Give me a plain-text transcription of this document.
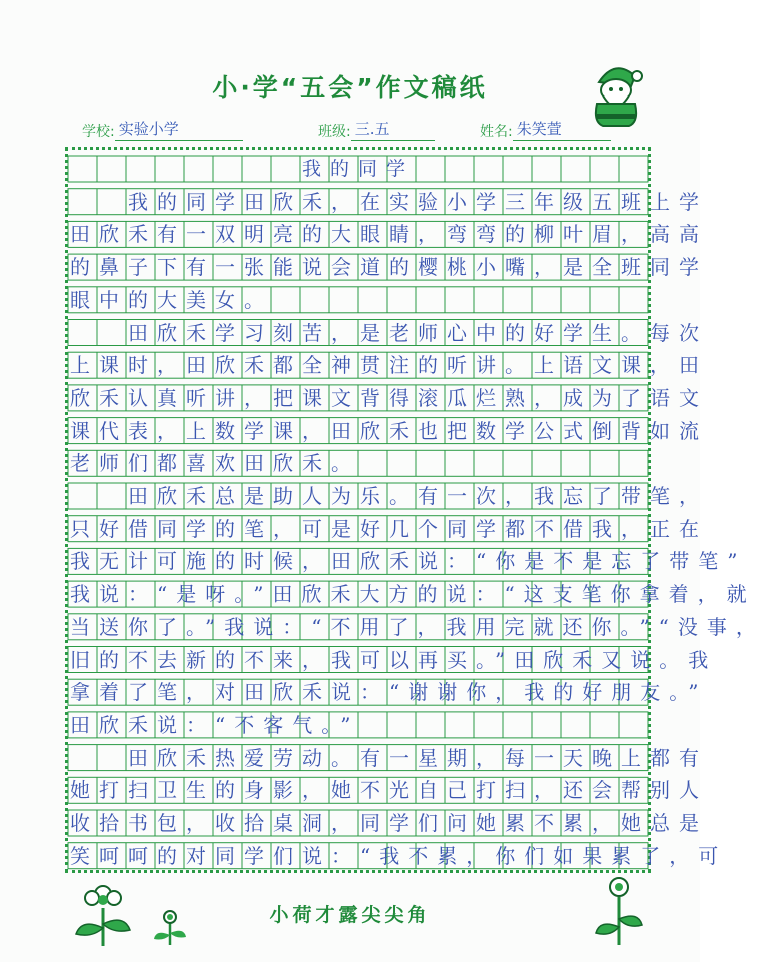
小·学“五会”作文稿纸
学校: 实验小学	班级: 三.五	姓名: 朱笑萱
我的同学
我的同学田欣禾，在实验小学三年级五班上学
田欣禾有一双明亮的大眼睛，弯弯的柳叶眉，高高
的鼻子下有一张能说会道的樱桃小嘴，是全班同学
眼中的大美女。
田欣禾学习刻苦，是老师心中的好学生。每次
上课时，田欣禾都全神贯注的听讲。上语文课，田
欣禾认真听讲，把课文背得滚瓜烂熟，成为了语文
课代表，上数学课，田欣禾也把数学公式倒背如流
老师们都喜欢田欣禾。
田欣禾总是助人为乐。有一次，我忘了带笔，
只好借同学的笔，可是好几个同学都不借我，正在
我无计可施的时候，田欣禾说：“你是不是忘了带笔”
我说：“是呀。”田欣禾大方的说：“这支笔你拿着，就
当送你了。”我说：“不用了，我用完就还你。”“没事，
旧的不去新的不来，我可以再买。”田欣禾又说。我
拿着了笔，对田欣禾说：“谢谢你，我的好朋友。”
田欣禾说：“不客气。”
田欣禾热爱劳动。有一星期，每一天晚上都有
她打扫卫生的身影，她不光自己打扫，还会帮别人
收拾书包，收拾桌洞，同学们问她累不累，她总是
笑呵呵的对同学们说：“我不累，你们如果累了，可
小荷才露尖尖角
